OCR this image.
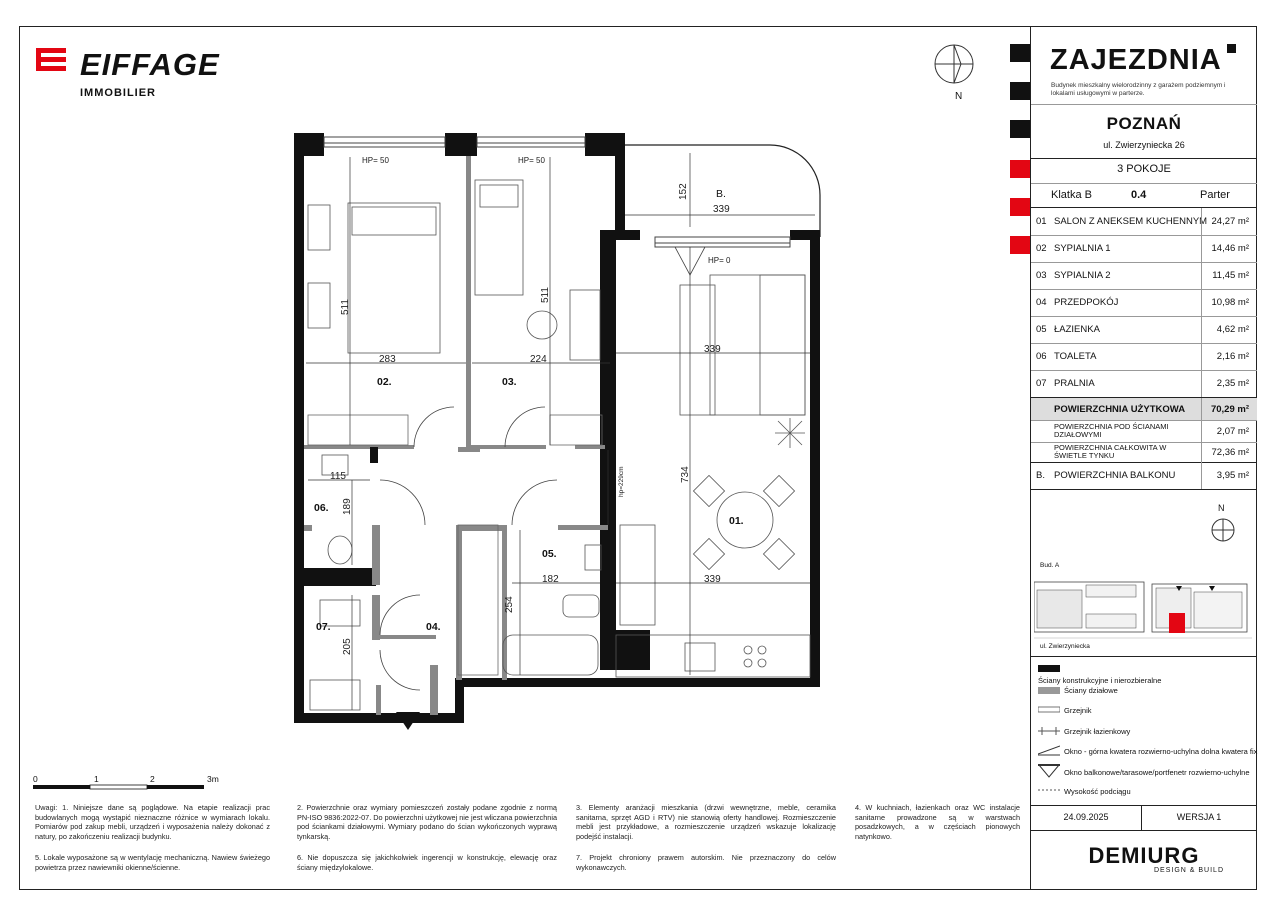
EIFFAGE
IMMOBILIER	N
ZAJEZDNIA
Budynek mieszkalny wielorodzinny z garażem podziemnym i lokalami usługowymi w parterze.
POZNAŃ
ul. Zwierzyniecka 26
3 POKOJE
Klatka B	0.4	Parter
01 SALON Z ANEKSEM KUCHENNYM 24,27 m²
02 SYPIALNIA 1	14,46 m²
03 SYPIALNIA 2	11,45 m²
04 PRZEDPOKÓJ	10,98 m²
05 ŁAZIENKA	4,62 m²
06 TOALETA	2,16 m²
07 PRALNIA	2,35 m²
POWIERZCHNIA UŻYTKOWA	70,29 m²
POWIERZCHNIA POD ŚCIANAMI DZIAŁOWYMI	2,07 m²
POWIERZCHNIA CAŁKOWITA W ŚWIETLE TYNKU	72,36 m²
B. POWIERZCHNIA BALKONU	3,95 m²
N
Bud. A
ul. Zwierzyniecka
Ściany konstrukcyjne i nierozbieralne
Ściany działowe
Grzejnik
Grzejnik łazienkowy
Okno - górna kwatera rozwierno-uchylna dolna kwatera fix
Okno balkonowe/tarasowe/portfenetr rozwierno-uchylne
Wysokość podciągu
24.09.2025	WERSJA 1
DEMIURG
DESIGN & BUILD
0	1	2	3m
Uwagi: 1. Niniejsze dane są poglądowe. Na etapie realizacji prac budowlanych mogą wystąpić nieznaczne różnice w wymiarach lokalu. Pomiarów pod zakup mebli, urządzeń i wyposażenia należy dokonać z natury, po zakończeniu realizacji budynku.
5. Lokale wyposażone są w wentylację mechaniczną. Nawiew świeżego powietrza przez nawiewniki okienne/ścienne.
2. Powierzchnie oraz wymiary pomieszczeń zostały podane zgodnie z normą PN-ISO 9836:2022-07. Do powierzchni użytkowej nie jest wliczana powierzchnia pod ściankami działowymi. Wymiary podano do ścian wykończonych wyprawą tynkarską.
6. Nie dopuszcza się jakichkolwiek ingerencji w konstrukcję, elewację oraz ściany międzylokalowe.
3. Elementy aranżacji mieszkania (drzwi wewnętrzne, meble, ceramika sanitarna, sprzęt AGD i RTV) nie stanowią oferty handlowej. Rozmieszczenie mebli jest przykładowe, a rozmieszczenie urządzeń wskazuje lokalizację podejść instalacji.
7. Projekt chroniony prawem autorskim. Nie przeznaczony do celów wykonawczych.
4. W kuchniach, łazienkach oraz WC instalacje sanitarne prowadzone są w warstwach posadzkowych, a w częściach pionowych natynkowo.
283	224
339
339
339
182
115
511
511
152
734
189
254
205
hp=229cm
HP= 50	HP= 50
HP= 0
02.	03.
01.
05.
06.
07.	04.
B.
